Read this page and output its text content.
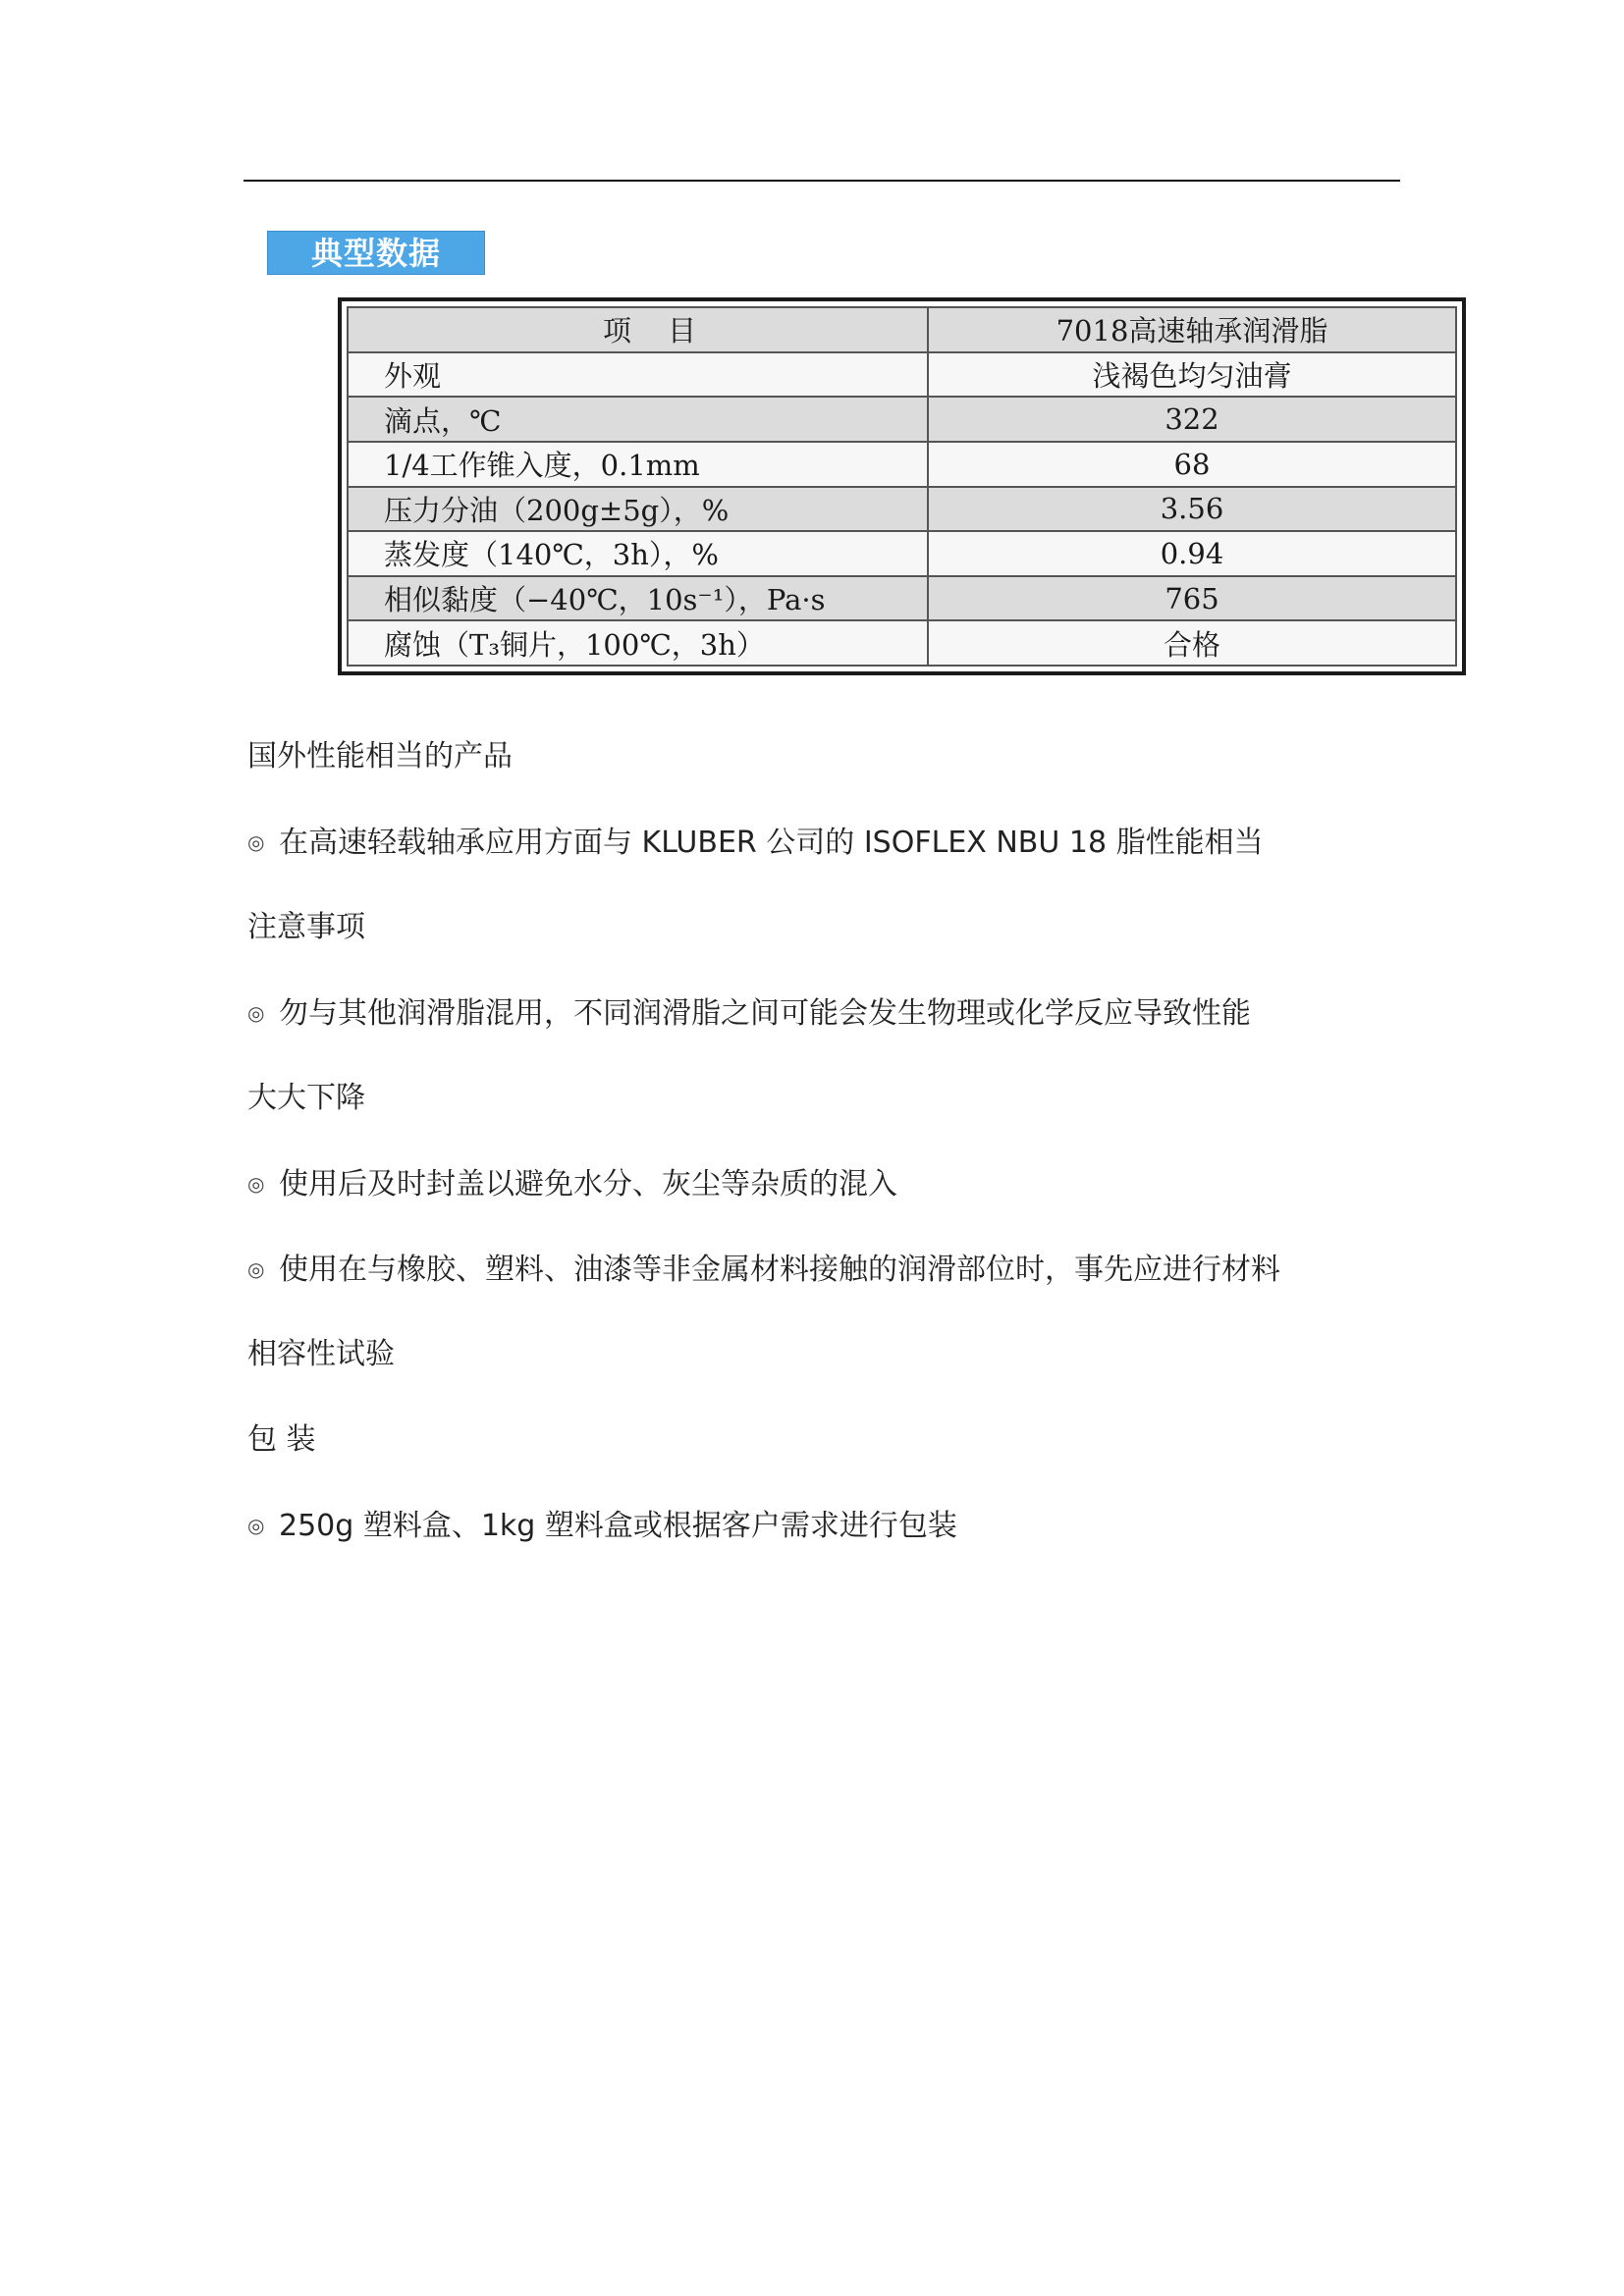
典型数据
项　目	7018高速轴承润滑脂
外观	浅褐色均匀油膏
滴点，℃	322
1/4工作锥入度，0.1mm	68
压力分油（200g±5g），%	3.56
蒸发度（140℃，3h），%	0.94
相似黏度（−40℃，10s⁻¹），Pa·s	765
腐蚀（T₃铜片，100℃，3h）	合格
国外性能相当的产品
◎ 在高速轻载轴承应用方面与 KLUBER 公司的 ISOFLEX NBU 18 脂性能相当
注意事项
◎ 勿与其他润滑脂混用，不同润滑脂之间可能会发生物理或化学反应导致性能
大大下降
◎ 使用后及时封盖以避免水分、灰尘等杂质的混入
◎ 使用在与橡胶、塑料、油漆等非金属材料接触的润滑部位时，事先应进行材料
相容性试验
包 装
◎ 250g 塑料盒、1kg 塑料盒或根据客户需求进行包装
